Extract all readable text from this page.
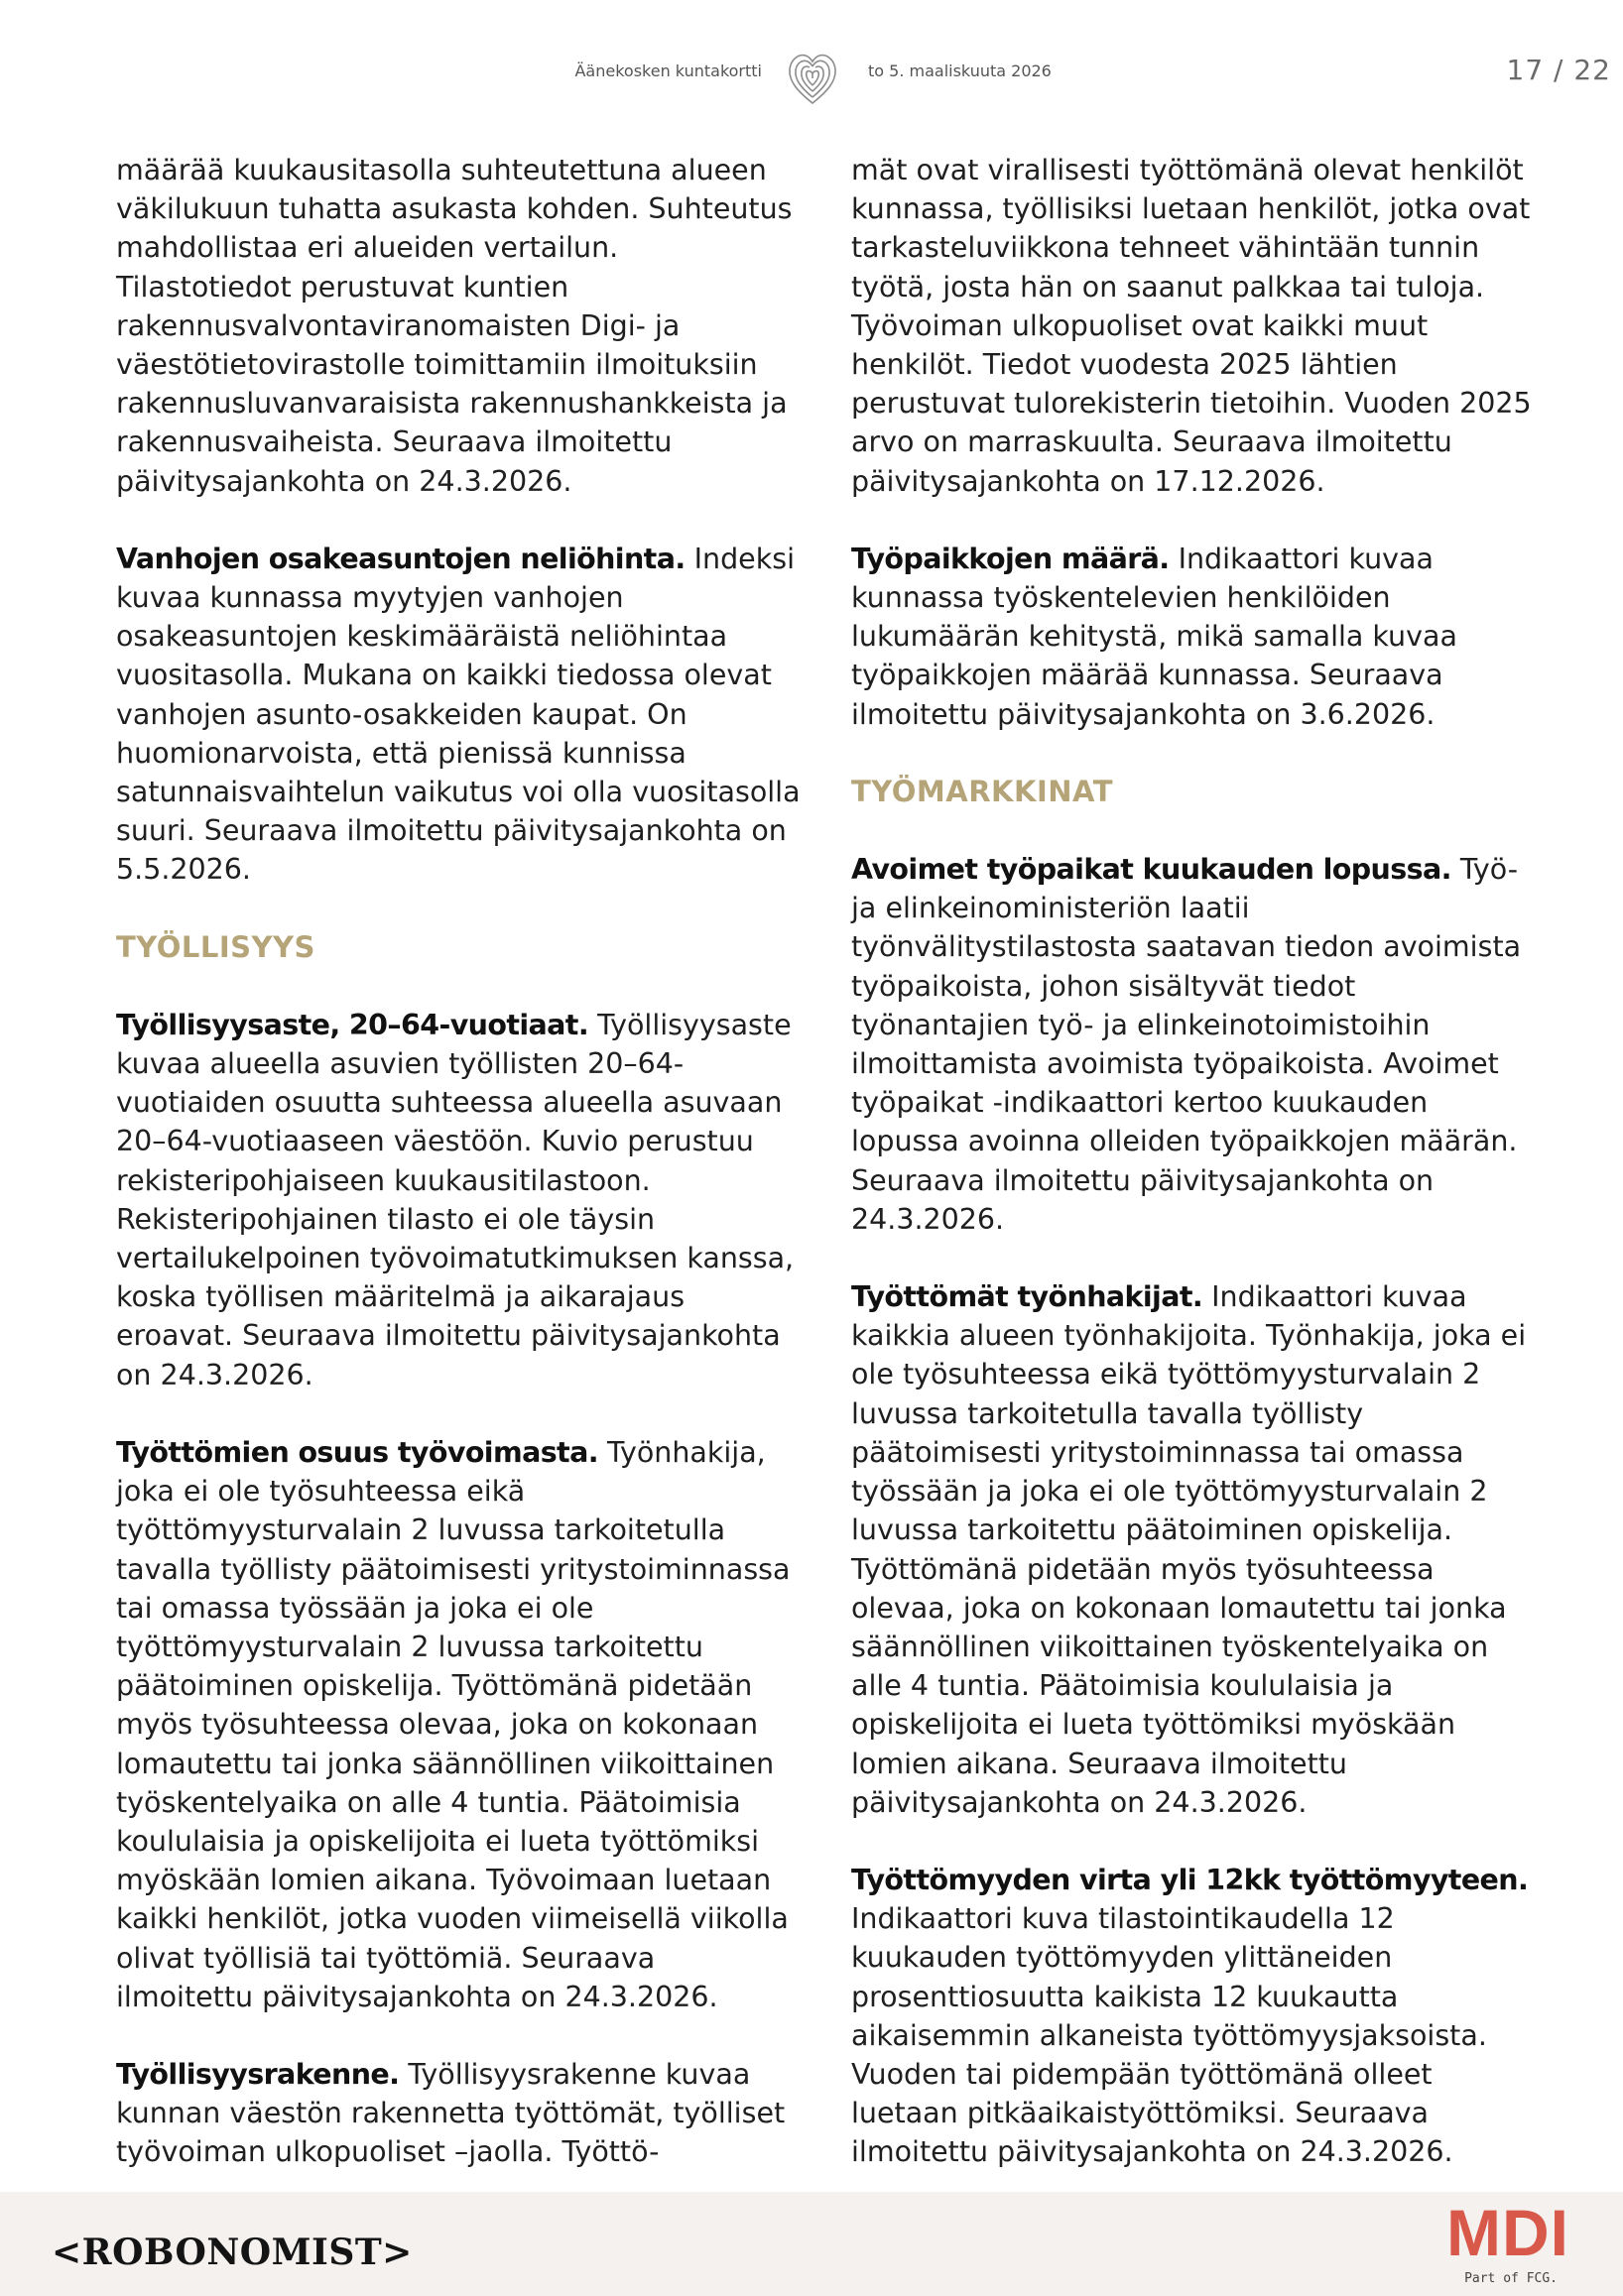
Äänekosken kuntakortti	to 5. maaliskuuta 2026	17 / 22

määrää kuukausitasolla suhteutettuna alueen väkilukuun tuhatta asukasta kohden. Suhteutus mahdollistaa eri alueiden vertailun. Tilastotiedot perustuvat kuntien rakennusvalvontaviranomaisten Digi- ja väestötietovirastolle toimittamiin ilmoituksiin rakennusluvanvaraisista rakennushankkeista ja rakennusvaiheista. Seuraava ilmoitettu päivitysajankohta on 24.3.2026.

Vanhojen osakeasuntojen neliöhinta. Indeksi kuvaa kunnassa myytyjen vanhojen osakeasuntojen keskimääräistä neliöhintaa vuositasolla. Mukana on kaikki tiedossa olevat vanhojen asunto-osakkeiden kaupat. On huomionarvoista, että pienissä kunnissa satunnaisvaihtelun vaikutus voi olla vuositasolla suuri. Seuraava ilmoitettu päivitysajankohta on 5.5.2026.

TYÖLLISYYS

Työllisyysaste, 20–64-vuotiaat. Työllisyysaste kuvaa alueella asuvien työllisten 20–64-vuotiaiden osuutta suhteessa alueella asuvaan 20–64-vuotiaaseen väestöön. Kuvio perustuu rekisteripohjaiseen kuukausitilastoon. Rekisteripohjainen tilasto ei ole täysin vertailukelpoinen työvoimatutkimuksen kanssa, koska työllisen määritelmä ja aikarajaus eroavat. Seuraava ilmoitettu päivitysajankohta on 24.3.2026.

Työttömien osuus työvoimasta. Työnhakija, joka ei ole työsuhteessa eikä työttömyysturvalain 2 luvussa tarkoitetulla tavalla työllisty päätoimisesti yritystoiminnassa tai omassa työssään ja joka ei ole työttömyysturvalain 2 luvussa tarkoitettu päätoiminen opiskelija. Työttömänä pidetään myös työsuhteessa olevaa, joka on kokonaan lomautettu tai jonka säännöllinen viikoittainen työskentelyaika on alle 4 tuntia. Päätoimisia koululaisia ja opiskelijoita ei lueta työttömiksi myöskään lomien aikana. Työvoimaan luetaan kaikki henkilöt, jotka vuoden viimeisellä viikolla olivat työllisiä tai työttömiä. Seuraava ilmoitettu päivitysajankohta on 24.3.2026.

Työllisyysrakenne. Työllisyysrakenne kuvaa kunnan väestön rakennetta työttömät, työlliset työvoiman ulkopuoliset –jaolla. Työttö-

mät ovat virallisesti työttömänä olevat henkilöt kunnassa, työllisiksi luetaan henkilöt, jotka ovat tarkasteluviikkona tehneet vähintään tunnin työtä, josta hän on saanut palkkaa tai tuloja. Työvoiman ulkopuoliset ovat kaikki muut henkilöt. Tiedot vuodesta 2025 lähtien perustuvat tulorekisterin tietoihin. Vuoden 2025 arvo on marraskuulta. Seuraava ilmoitettu päivitysajankohta on 17.12.2026.

Työpaikkojen määrä. Indikaattori kuvaa kunnassa työskentelevien henkilöiden lukumäärän kehitystä, mikä samalla kuvaa työpaikkojen määrää kunnassa. Seuraava ilmoitettu päivitysajankohta on 3.6.2026.

TYÖMARKKINAT

Avoimet työpaikat kuukauden lopussa. Työ- ja elinkeinoministeriön laatii työnvälitystilastosta saatavan tiedon avoimista työpaikoista, johon sisältyvät tiedot työnantajien työ- ja elinkeinotoimistoihin ilmoittamista avoimista työpaikoista. Avoimet työpaikat -indikaattori kertoo kuukauden lopussa avoinna olleiden työpaikkojen määrän. Seuraava ilmoitettu päivitysajankohta on 24.3.2026.

Työttömät työnhakijat. Indikaattori kuvaa kaikkia alueen työnhakijoita. Työnhakija, joka ei ole työsuhteessa eikä työttömyysturvalain 2 luvussa tarkoitetulla tavalla työllisty päätoimisesti yritystoiminnassa tai omassa työssään ja joka ei ole työttömyysturvalain 2 luvussa tarkoitettu päätoiminen opiskelija. Työttömänä pidetään myös työsuhteessa olevaa, joka on kokonaan lomautettu tai jonka säännöllinen viikoittainen työskentelyaika on alle 4 tuntia. Päätoimisia koululaisia ja opiskelijoita ei lueta työttömiksi myöskään lomien aikana. Seuraava ilmoitettu päivitysajankohta on 24.3.2026.

Työttömyyden virta yli 12kk työttömyyteen. Indikaattori kuva tilastointikaudella 12 kuukauden työttömyyden ylittäneiden prosenttiosuutta kaikista 12 kuukautta aikaisemmin alkaneista työttömyysjaksoista. Vuoden tai pidempään työttömänä olleet luetaan pitkäaikaistyöttömiksi. Seuraava ilmoitettu päivitysajankohta on 24.3.2026.

<ROBONOMIST>	MDI
Part of FCG.
